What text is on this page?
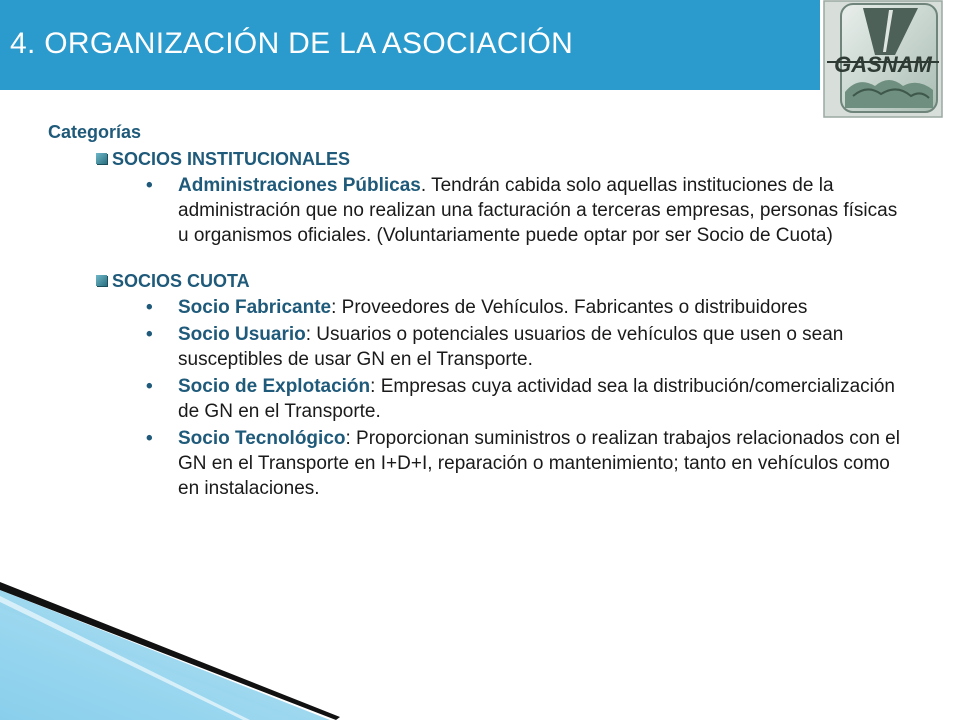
4. ORGANIZACIÓN DE LA ASOCIACIÓN
GASNAM
Categorías
SOCIOS INSTITUCIONALES
• Administraciones Públicas. Tendrán cabida solo aquellas instituciones de la administración que no realizan una facturación a terceras empresas, personas físicas u organismos oficiales. (Voluntariamente puede optar por ser Socio de Cuota)
SOCIOS CUOTA
• Socio Fabricante: Proveedores de Vehículos. Fabricantes o distribuidores
• Socio Usuario: Usuarios o potenciales usuarios de vehículos que usen o sean susceptibles de usar GN en el Transporte.
• Socio de Explotación: Empresas cuya actividad sea la distribución/comercialización de GN en el Transporte.
• Socio Tecnológico: Proporcionan suministros o realizan trabajos relacionados con el GN en el Transporte en I+D+I, reparación o mantenimiento; tanto en vehículos como en instalaciones.
